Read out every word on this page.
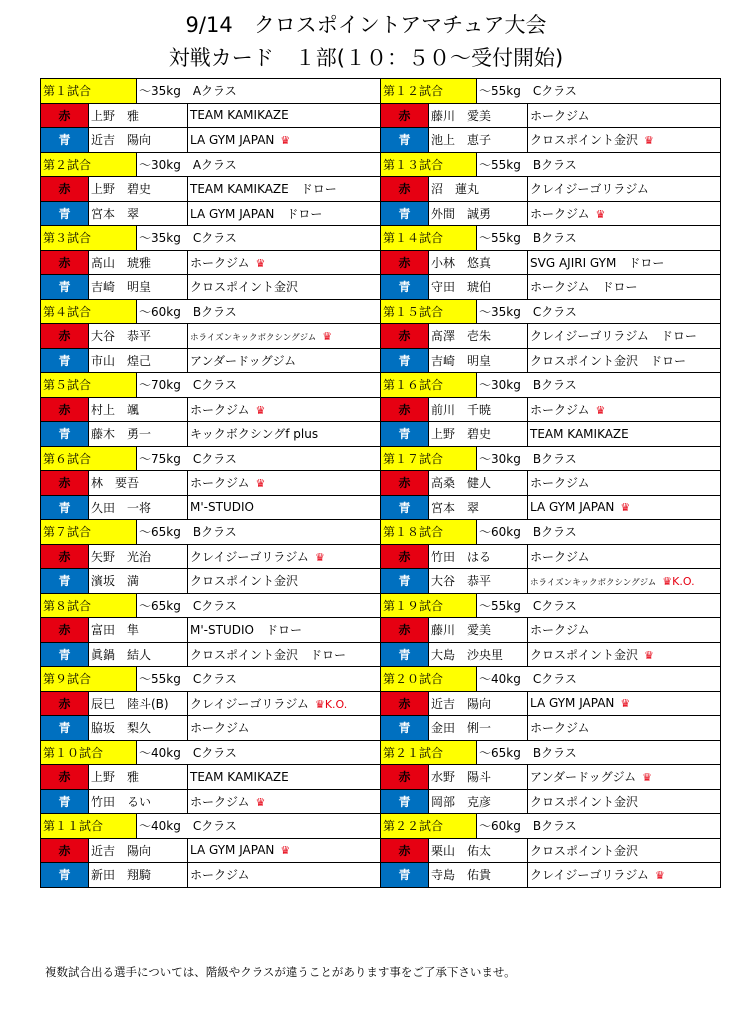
9/14　クロスポイントアマチュア大会
対戦カード　１部(１０：５０〜受付開始)
第１試合		〜35kg　Aクラス	
赤	上野　雅		TEAM KAMIKAZE
青	近吉　陽向		LA GYM JAPAN ♛
第２試合		〜30kg　Aクラス	
赤	上野　碧史		TEAM KAMIKAZE　ドロー
青	宮本　翠		LA GYM JAPAN　ドロー
第３試合		〜35kg　Cクラス	
赤	髙山　琥雅		ホークジム ♛
青	吉崎　明皇		クロスポイント金沢
第４試合		〜60kg　Bクラス	
赤	大谷　恭平		ホライズンキックボクシングジム ♛
青	市山　煌己		アンダードッグジム
第５試合		〜70kg　Cクラス	
赤	村上　颯		ホークジム ♛
青	藤木　勇一		キックボクシングf plus
第６試合		〜75kg　Cクラス	
赤	林　要吾		ホークジム ♛
青	久田　一将		M'-STUDIO
第７試合		〜65kg　Bクラス	
赤	矢野　光治		クレイジーゴリラジム ♛
青	濱坂　満		クロスポイント金沢
第８試合		〜65kg　Cクラス	
赤	富田　隼		M'-STUDIO　ドロー
青	眞鍋　結人		クロスポイント金沢　ドロー
第９試合		〜55kg　Cクラス	
赤	辰巳　陸斗(B)		クレイジーゴリラジム ♛K.O.
青	脇坂　梨久		ホークジム
第１０試合		〜40kg　Cクラス	
赤	上野　雅		TEAM KAMIKAZE
青	竹田　るい		ホークジム ♛
第１１試合		〜40kg　Cクラス	
赤	近吉　陽向		LA GYM JAPAN ♛
青	新田　翔騎		ホークジム
第１２試合		〜55kg　Cクラス	
赤	藤川　愛美		ホークジム
青	池上　恵子		クロスポイント金沢 ♛
第１３試合		〜55kg　Bクラス	
赤	沼　蓮丸		クレイジーゴリラジム
青	外間　誠勇		ホークジム ♛
第１４試合		〜55kg　Bクラス	
赤	小林　悠真		SVG AJIRI GYM　ドロー
青	守田　琥伯		ホークジム　ドロー
第１５試合		〜35kg　Cクラス	
赤	髙澤　壱朱		クレイジーゴリラジム　ドロー
青	吉崎　明皇		クロスポイント金沢　ドロー
第１６試合		〜30kg　Bクラス	
赤	前川　千暁		ホークジム ♛
青	上野　碧史		TEAM KAMIKAZE
第１７試合		〜30kg　Bクラス	
赤	高桑　健人		ホークジム
青	宮本　翠		LA GYM JAPAN ♛
第１８試合		〜60kg　Bクラス	
赤	竹田　はる		ホークジム
青	大谷　恭平		ホライズンキックボクシングジム ♛K.O.
第１９試合		〜55kg　Cクラス	
赤	藤川　愛美		ホークジム
青	大島　沙央里		クロスポイント金沢 ♛
第２０試合		〜40kg　Cクラス	
赤	近吉　陽向		LA GYM JAPAN ♛
青	金田　俐一		ホークジム
第２１試合		〜65kg　Bクラス	
赤	水野　陽斗		アンダードッグジム ♛
青	岡部　克彦		クロスポイント金沢
第２２試合		〜60kg　Bクラス	
赤	栗山　佑太		クロスポイント金沢
青	寺島　佑貴		クレイジーゴリラジム ♛
複数試合出る選手については、階級やクラスが違うことがあります事をご了承下さいませ。
